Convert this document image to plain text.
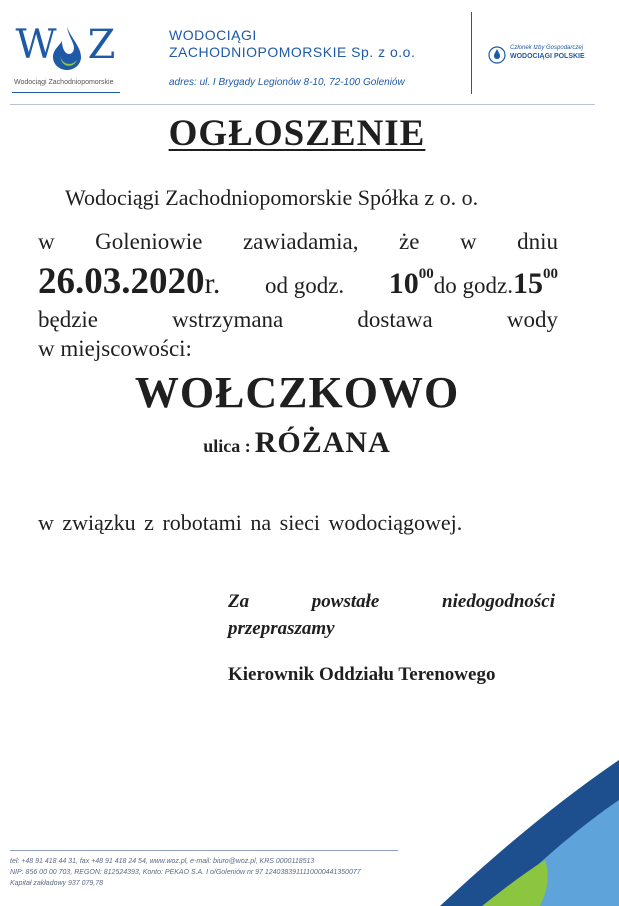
W Z
Wodociągi Zachodniopomorskie
WODOCIĄGI
ZACHODNIOPOMORSKIE Sp. z o.o.
adres: ul. I Brygady Legionów 8-10, 72-100 Goleniów
Członek Izby Gospodarczej
WODOCIĄGI POLSKIE
OGŁOSZENIE
Wodociągi Zachodniopomorskie Spółka z o. o.
w Goleniowie zawiadamia, że w dniu
26.03.2020r. od godz. $10^{00}do$ $godz.15^{00}$
będzie	wstrzymana	dostawa	wody
w miejscowości:
WOŁCZKOWO
ulica : RÓŻANA
w związku z robotami na sieci wodociągowej.
Za	powstałe	niedogodności
przepraszamy
Kierownik Oddziału Terenowego
tel: +48 91 418 44 31, fax +48 91 418 24 54, www.woz.pl, e-mail: biuro@woz.pl, KRS 0000118513
NIP: 856 00 00 703, REGON: 812524393, Konto: PEKAO S.A. I o/Goleniów nr 97 1240383911110000441350077
Kapitał zakładowy 937 079,78
